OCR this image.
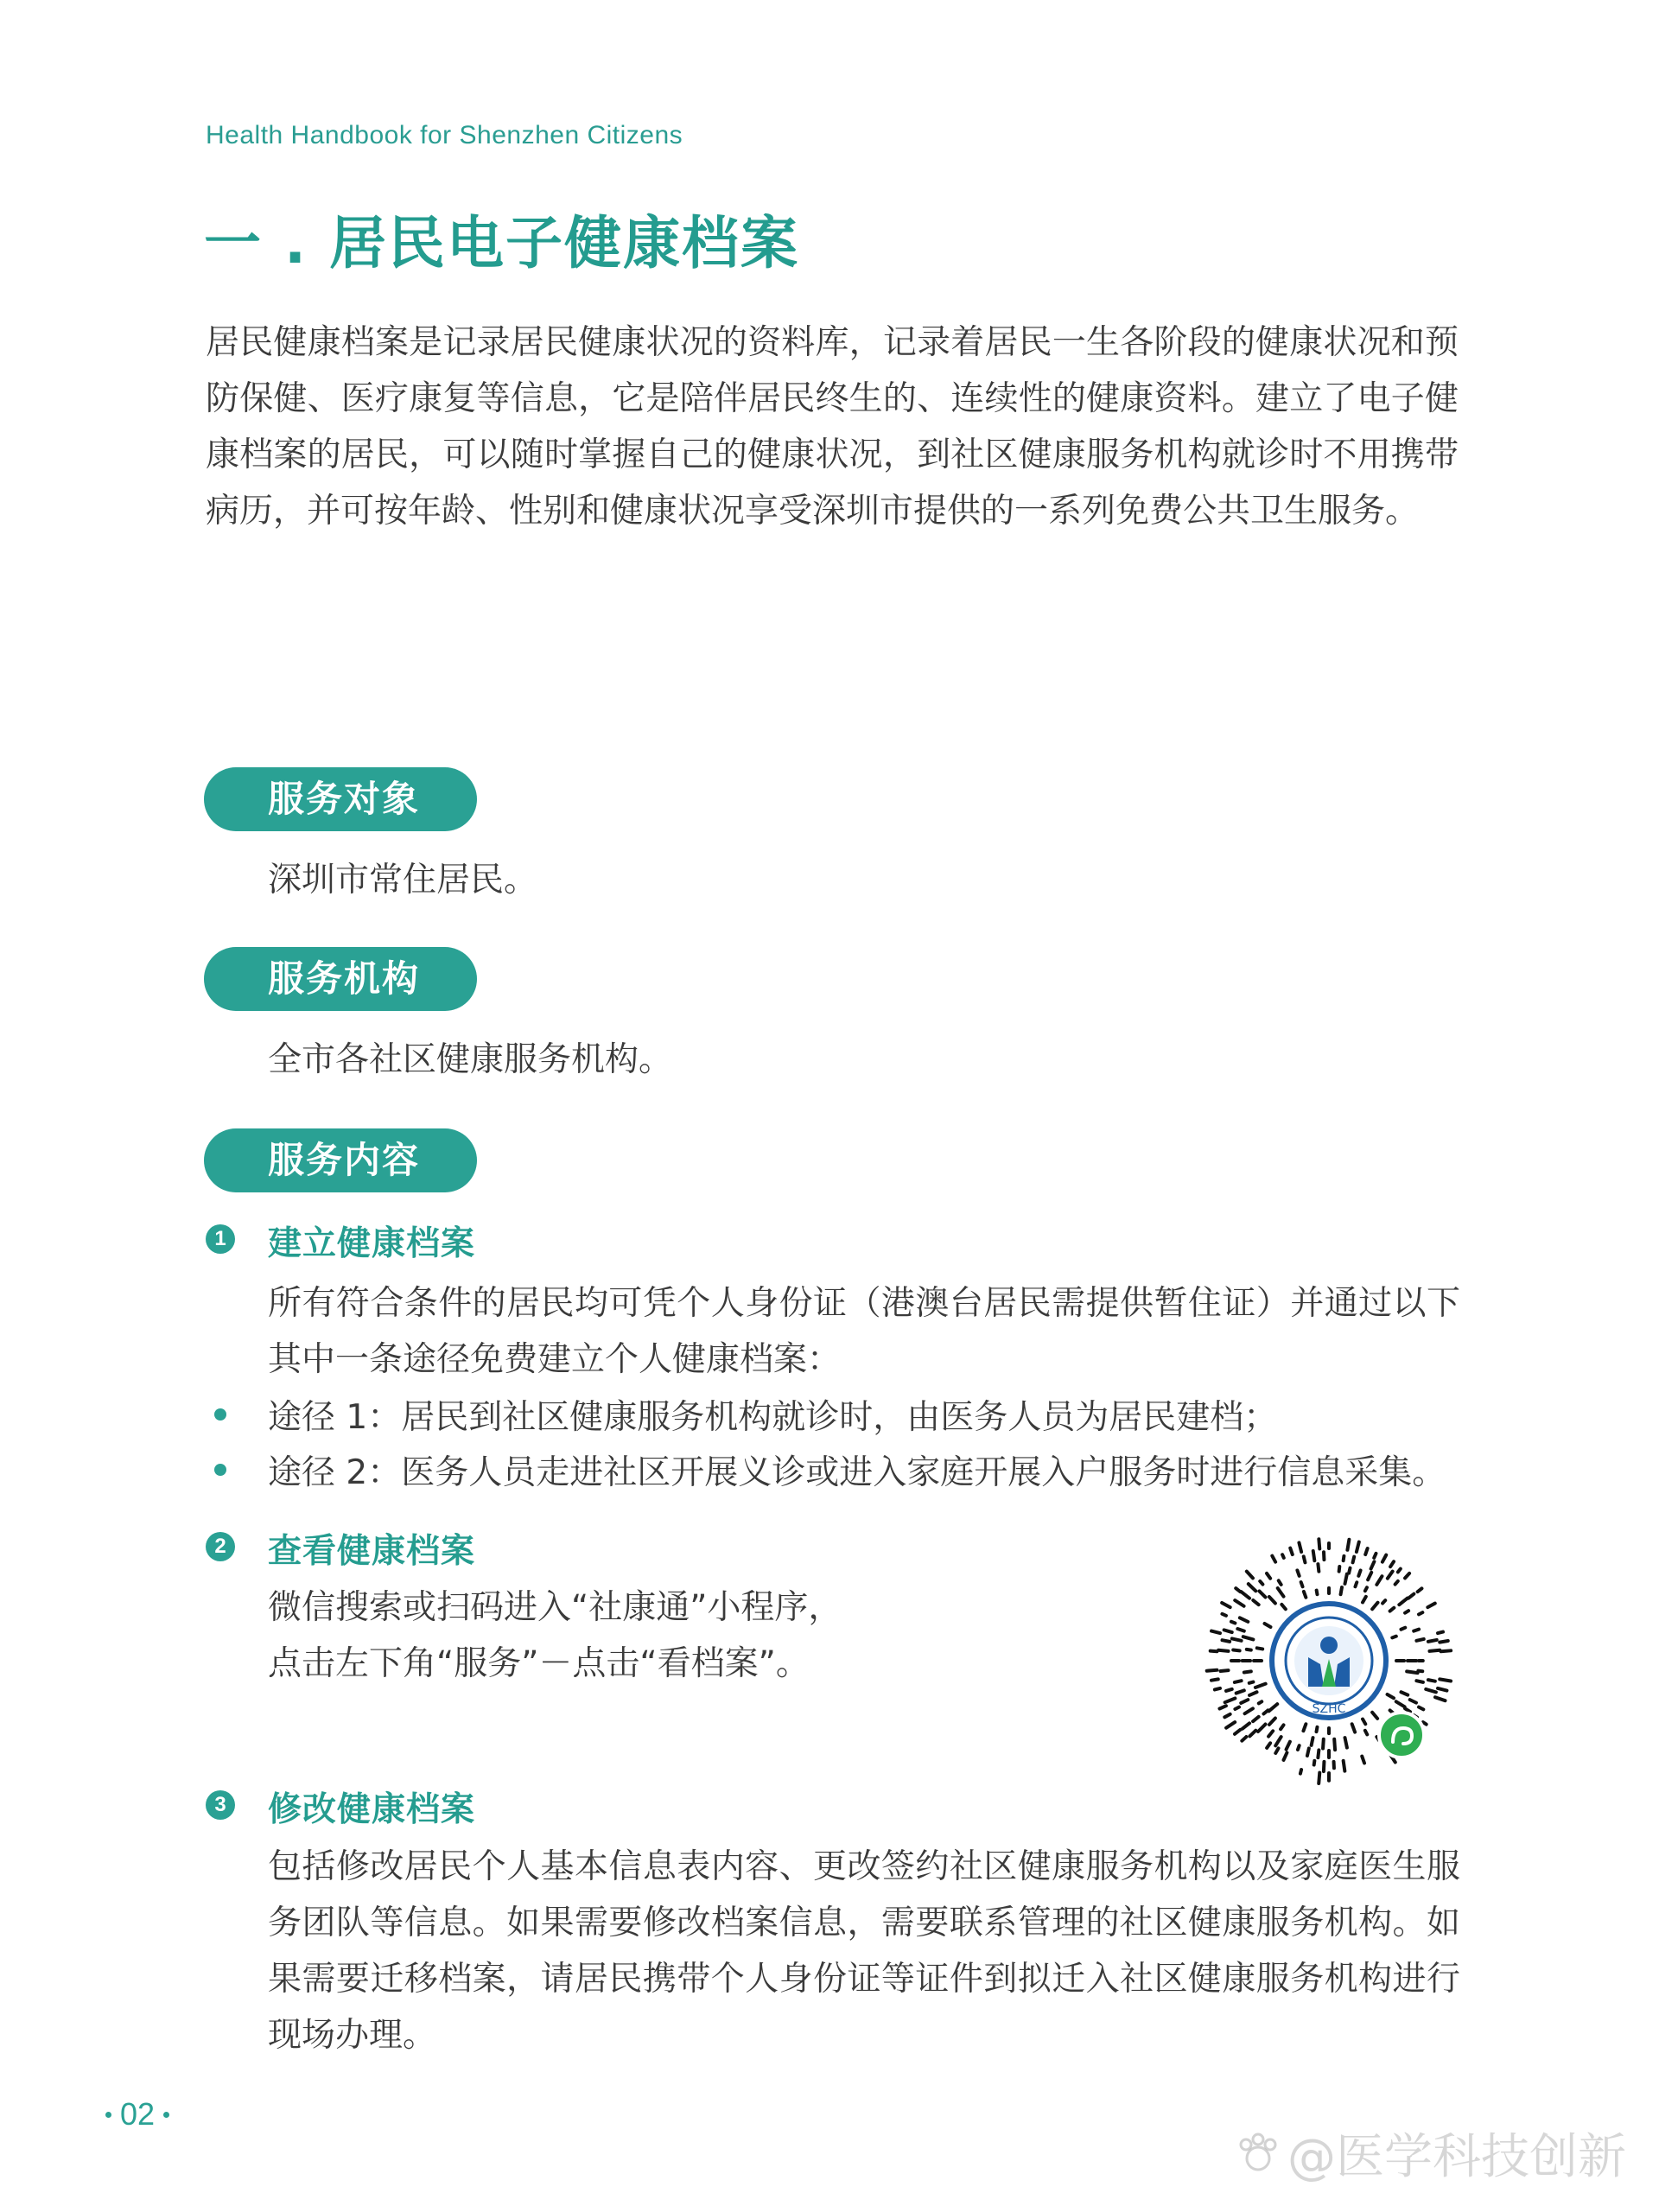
Health Handbook for Shenzhen Citizens
一 . 居民电子健康档案

居民健康档案是记录居民健康状况的资料库，记录着居民一生各阶段的健康状况和预防保健、医疗康复等信息，它是陪伴居民终生的、连续性的健康资料。建立了电子健康档案的居民，可以随时掌握自己的健康状况，到社区健康服务机构就诊时不用携带病历，并可按年龄、性别和健康状况享受深圳市提供的一系列免费公共卫生服务。

服务对象

深圳市常住居民。

服务机构

全市各社区健康服务机构。

服务内容
1 建立健康档案

所有符合条件的居民均可凭个人身份证（港澳台居民需提供暂住证）并通过以下其中一条途径免费建立个人健康档案：

途径 1：居民到社区健康服务机构就诊时，由医务人员为居民建档；
途径 2：医务人员走进社区开展义诊或进入家庭开展入户服务时进行信息采集。
2 查看健康档案

微信搜索或扫码进入“社康通”小程序，

点击左下角“服务”－点击“看档案”。

SZHC
3 修改健康档案

包括修改居民个人基本信息表内容、更改签约社区健康服务机构以及家庭医生服务团队等信息。如果需要修改档案信息，需要联系管理的社区健康服务机构。如果需要迁移档案，请居民携带个人身份证等证件到拟迁入社区健康服务机构进行现场办理。

02
@医学科技创新
